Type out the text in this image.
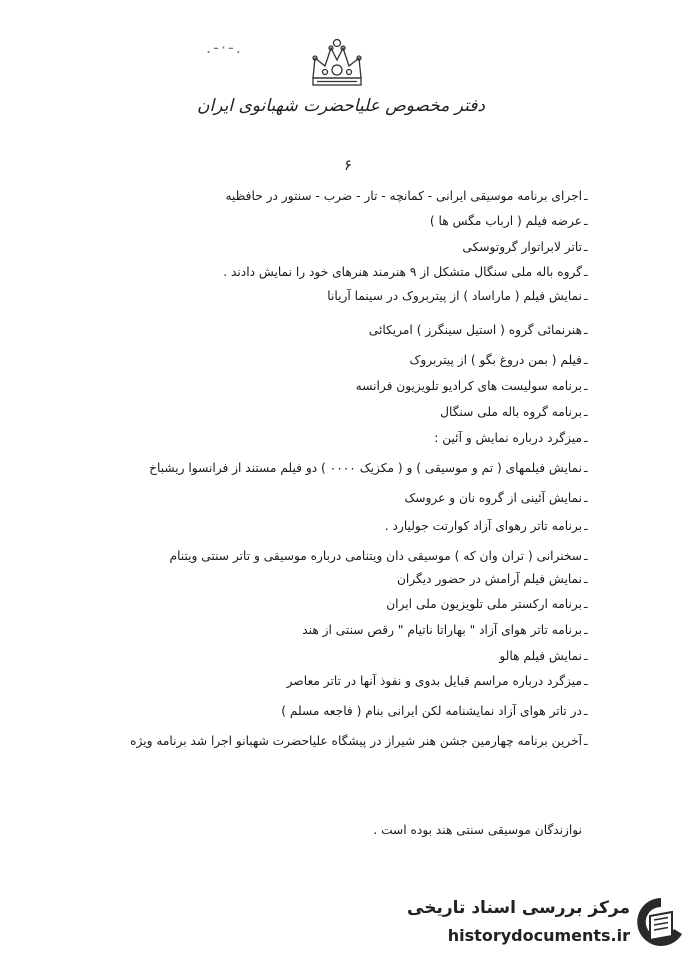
.-·-.
دفتر مخصوص علیاحضرت شهبانوی ایران
۶
ـ
اجرای برنامه موسیقی ایرانی - کمانچه - تار - ضرب - سنتور در حافظیه
ـ
عرضه فیلم ( ارباب مگس ها )
ـ
تاتر لابراتوار گروتوسکی
ـ
گروه باله ملی سنگال متشکل از ۹ هنرمند هنرهای خود را نمایش دادند .
ـ
نمایش فیلم ( ماراساد ) از پیتربروک در سینما آریانا
ـ
هنرنمائی گروه ( استیل سینگرز ) امریکائی
ـ
فیلم ( بمن دروغ بگو ) از پیتربروک
ـ
برنامه سولیست های کرادیو تلویزیون فرانسه
ـ
برنامه گروه باله ملی سنگال
ـ
میزگرد درباره نمایش و آئین :
ـ
نمایش فیلمهای ( تم و موسیقی ) و ( مکزیک ۰۰۰۰ ) دو فیلم مستند از فرانسوا ریشباخ
ـ
نمایش آئینی از گروه نان و عروسک
ـ
برنامه تاتر رهوای آزاد کوارتت جولیارد .
ـ
سخنرانی ( تران وان که ) موسیقی دان ویتنامی درباره موسیقی و تاتر سنتی ویتنام
ـ
نمایش فیلم آرامش در حضور دیگران
ـ
برنامه ارکستر ملی تلویزیون ملی ایران
ـ
برنامه تاتر هوای آزاد " بهاراتا ناتیام " رقص سنتی از هند
ـ
نمایش فیلم هالو
ـ
میزگرد درباره مراسم قبایل بدوی و نفوذ آنها در تاتر معاصر
ـ
در تاتر هوای آزاد نمایشنامه لکن ایرانی بنام ( فاجعه مسلم )
ـ
آخرین برنامه چهارمین جشن هنر شیراز در پیشگاه علیاحضرت شهبانو اجرا شد برنامه ویژه
نوازندگان موسیقی سنتی هند بوده است .
مرکز بررسی اسناد تاریخی
historydocuments.ir
